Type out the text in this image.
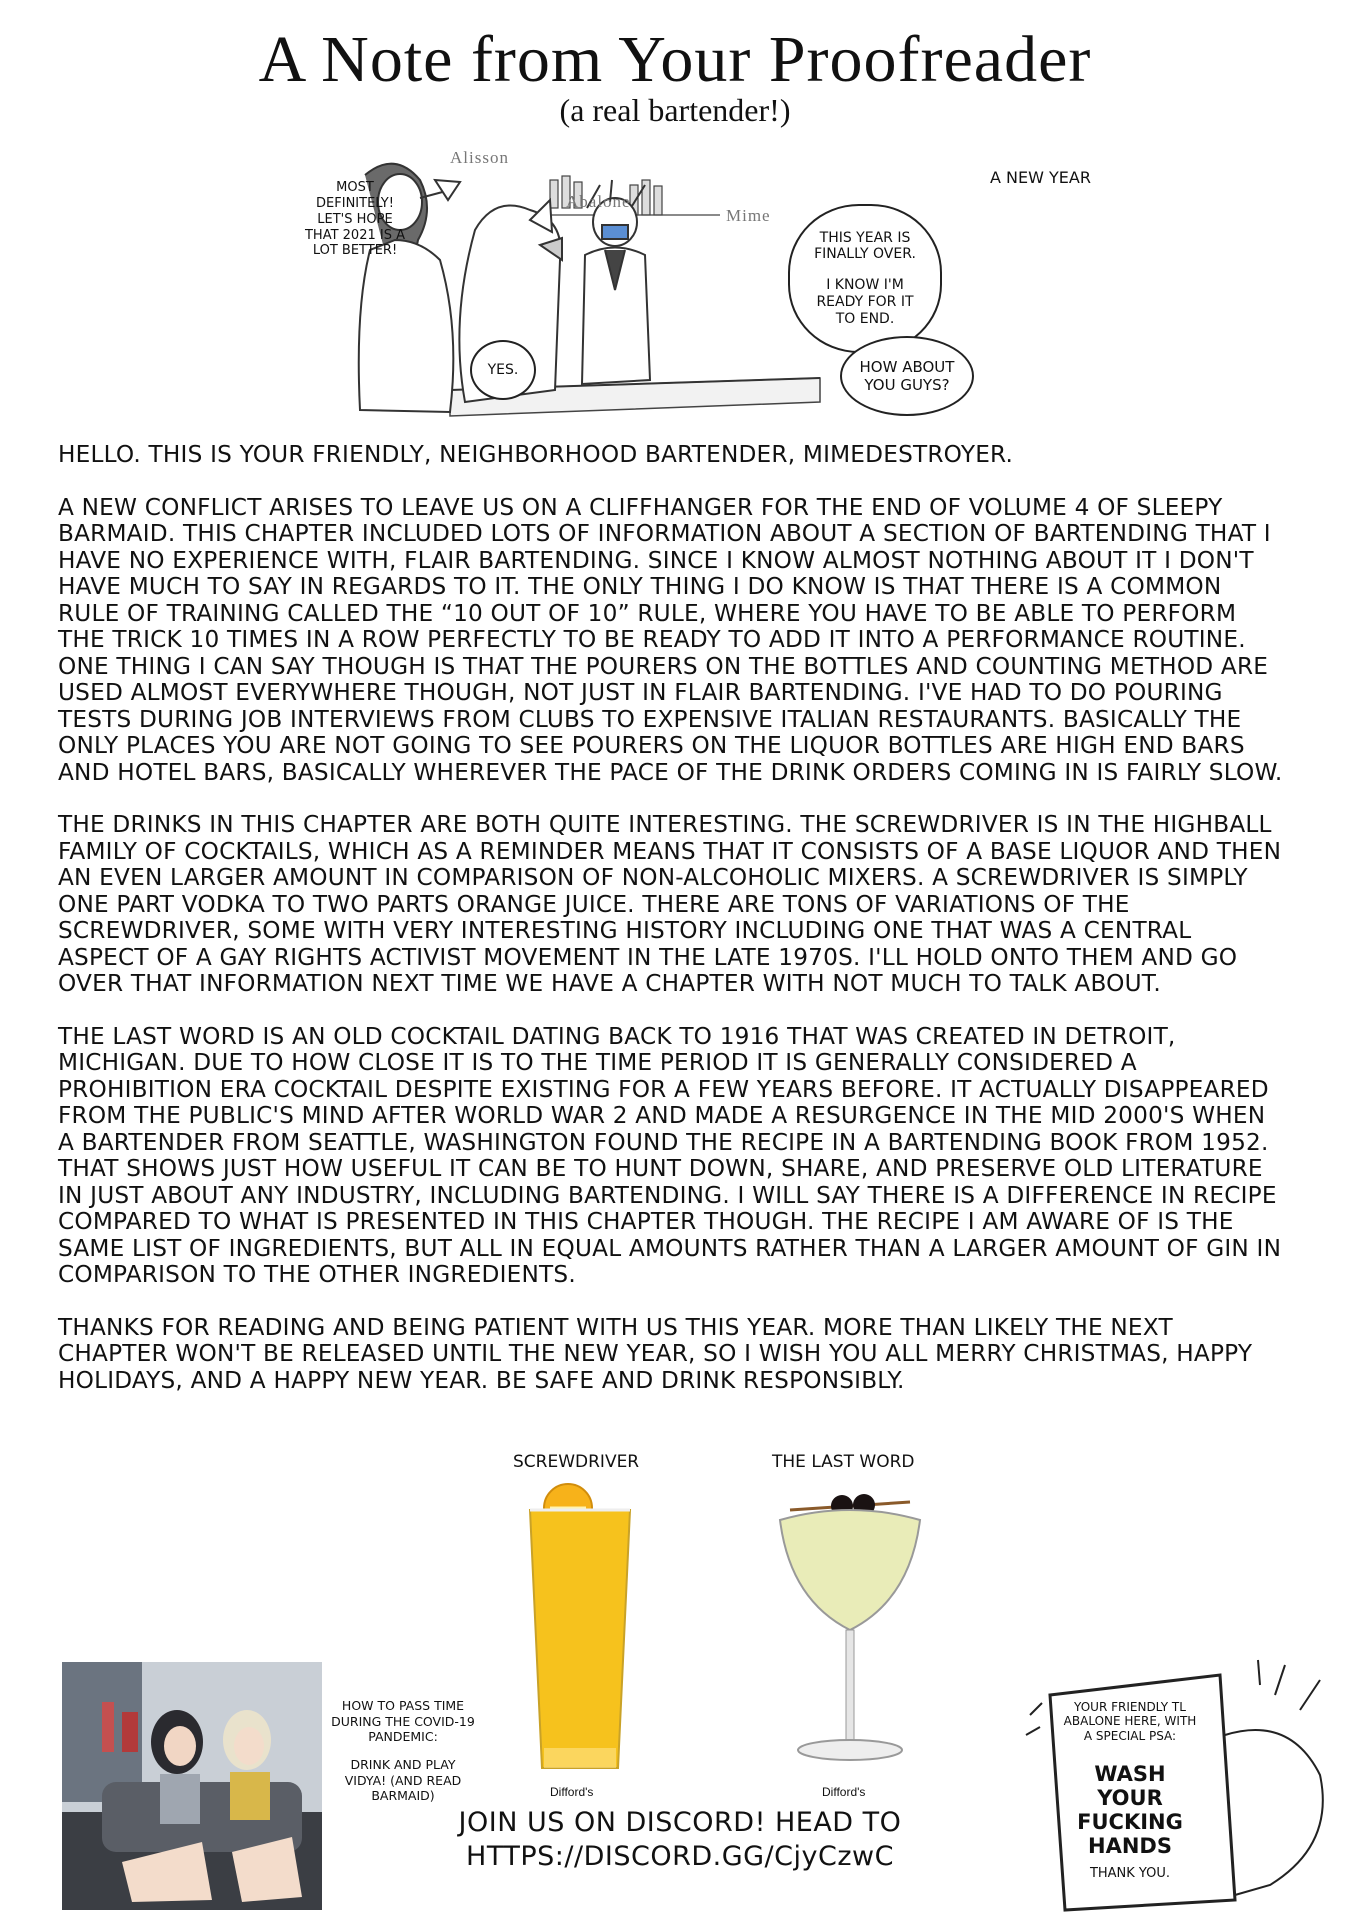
A Note from Your Proofreader
(a real bartender!)
Alisson
Abalone
Mime
MOST DEFINITELY! LET'S HOPE THAT 2021 IS A LOT BETTER!
A NEW YEAR
YES.
THIS YEAR IS FINALLY OVER.
I KNOW I'M READY FOR IT TO END.
HOW ABOUT YOU GUYS?

HELLO. THIS IS YOUR FRIENDLY, NEIGHBORHOOD BARTENDER, MIMEDESTROYER.

A NEW CONFLICT ARISES TO LEAVE US ON A CLIFFHANGER FOR THE END OF VOLUME 4 OF SLEEPY BARMAID. THIS CHAPTER INCLUDED LOTS OF INFORMATION ABOUT A SECTION OF BARTENDING THAT I HAVE NO EXPERIENCE WITH, FLAIR BARTENDING. SINCE I KNOW ALMOST NOTHING ABOUT IT I DON'T HAVE MUCH TO SAY IN REGARDS TO IT. THE ONLY THING I DO KNOW IS THAT THERE IS A COMMON RULE OF TRAINING CALLED THE “10 OUT OF 10” RULE, WHERE YOU HAVE TO BE ABLE TO PERFORM THE TRICK 10 TIMES IN A ROW PERFECTLY TO BE READY TO ADD IT INTO A PERFORMANCE ROUTINE. ONE THING I CAN SAY THOUGH IS THAT THE POURERS ON THE BOTTLES AND COUNTING METHOD ARE USED ALMOST EVERYWHERE THOUGH, NOT JUST IN FLAIR BARTENDING. I'VE HAD TO DO POURING TESTS DURING JOB INTERVIEWS FROM CLUBS TO EXPENSIVE ITALIAN RESTAURANTS. BASICALLY THE ONLY PLACES YOU ARE NOT GOING TO SEE POURERS ON THE LIQUOR BOTTLES ARE HIGH END BARS AND HOTEL BARS, BASICALLY WHEREVER THE PACE OF THE DRINK ORDERS COMING IN IS FAIRLY SLOW.

THE DRINKS IN THIS CHAPTER ARE BOTH QUITE INTERESTING. THE SCREWDRIVER IS IN THE HIGHBALL FAMILY OF COCKTAILS, WHICH AS A REMINDER MEANS THAT IT CONSISTS OF A BASE LIQUOR AND THEN AN EVEN LARGER AMOUNT IN COMPARISON OF NON-ALCOHOLIC MIXERS. A SCREWDRIVER IS SIMPLY ONE PART VODKA TO TWO PARTS ORANGE JUICE. THERE ARE TONS OF VARIATIONS OF THE SCREWDRIVER, SOME WITH VERY INTERESTING HISTORY INCLUDING ONE THAT WAS A CENTRAL ASPECT OF A GAY RIGHTS ACTIVIST MOVEMENT IN THE LATE 1970S. I'LL HOLD ONTO THEM AND GO OVER THAT INFORMATION NEXT TIME WE HAVE A CHAPTER WITH NOT MUCH TO TALK ABOUT.

THE LAST WORD IS AN OLD COCKTAIL DATING BACK TO 1916 THAT WAS CREATED IN DETROIT, MICHIGAN. DUE TO HOW CLOSE IT IS TO THE TIME PERIOD IT IS GENERALLY CONSIDERED A PROHIBITION ERA COCKTAIL DESPITE EXISTING FOR A FEW YEARS BEFORE. IT ACTUALLY DISAPPEARED FROM THE PUBLIC'S MIND AFTER WORLD WAR 2 AND MADE A RESURGENCE IN THE MID 2000'S WHEN A BARTENDER FROM SEATTLE, WASHINGTON FOUND THE RECIPE IN A BARTENDING BOOK FROM 1952. THAT SHOWS JUST HOW USEFUL IT CAN BE TO HUNT DOWN, SHARE, AND PRESERVE OLD LITERATURE IN JUST ABOUT ANY INDUSTRY, INCLUDING BARTENDING. I WILL SAY THERE IS A DIFFERENCE IN RECIPE COMPARED TO WHAT IS PRESENTED IN THIS CHAPTER THOUGH. THE RECIPE I AM AWARE OF IS THE SAME LIST OF INGREDIENTS, BUT ALL IN EQUAL AMOUNTS RATHER THAN A LARGER AMOUNT OF GIN IN COMPARISON TO THE OTHER INGREDIENTS.

THANKS FOR READING AND BEING PATIENT WITH US THIS YEAR. MORE THAN LIKELY THE NEXT CHAPTER WON'T BE RELEASED UNTIL THE NEW YEAR, SO I WISH YOU ALL MERRY CHRISTMAS, HAPPY HOLIDAYS, AND A HAPPY NEW YEAR. BE SAFE AND DRINK RESPONSIBLY.

SCREWDRIVER
Difford's
THE LAST WORD
Difford's
HOW TO PASS TIME DURING THE COVID-19 PANDEMIC:
DRINK AND PLAY VIDYA! (AND READ BARMAID)
JOIN US ON DISCORD! HEAD TO
HTTPS://DISCORD.GG/CjyCzwC
YOUR FRIENDLY TL ABALONE HERE, WITH A SPECIAL PSA:
WASH YOUR FUCKING HANDS
THANK YOU.
